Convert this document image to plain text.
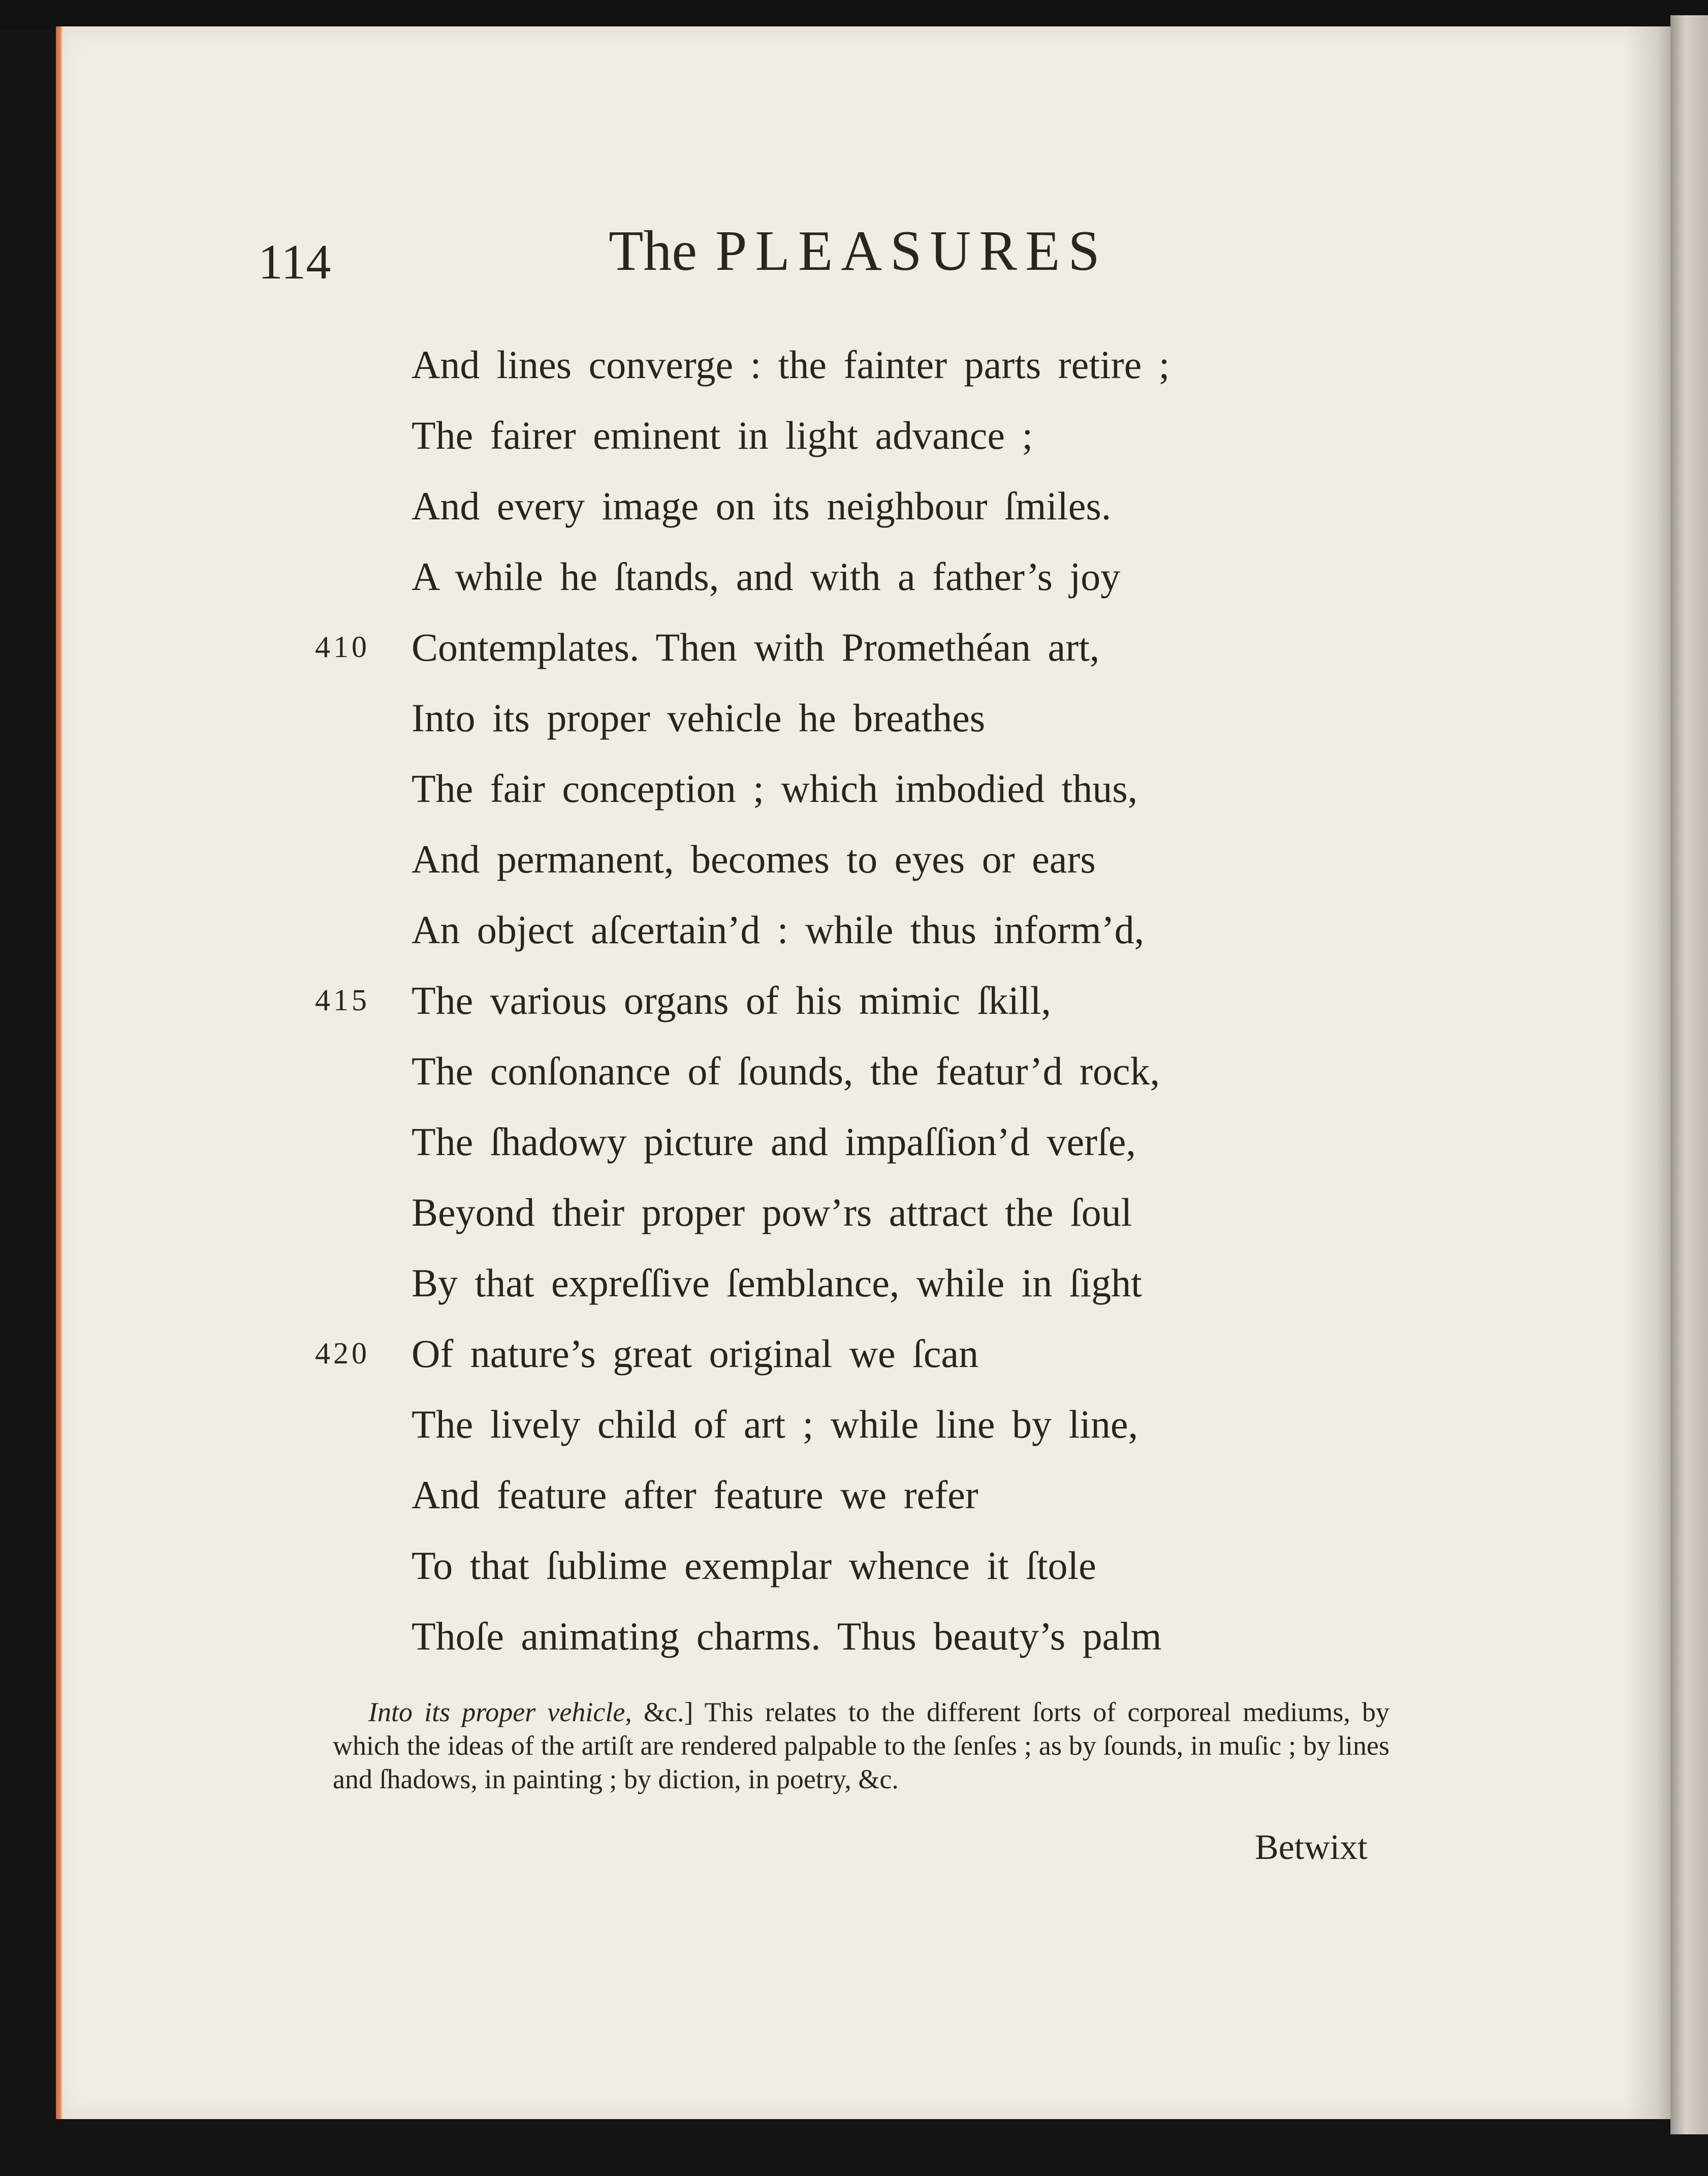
114	The PLEASURES
And lines converge : the fainter parts retire ;
The fairer eminent in light advance ;
And every image on its neighbour ſmiles.
A while he ſtands, and with a father’s joy
410 Contemplates. Then with Promethéan art,
Into its proper vehicle he breathes
The fair conception ; which imbodied thus,
And permanent, becomes to eyes or ears
An object aſcertain’d : while thus inform’d,
415 The various organs of his mimic ſkill,
The conſonance of ſounds, the featur’d rock,
The ſhadowy picture and impaſſion’d verſe,
Beyond their proper pow’rs attract the ſoul
By that expreſſive ſemblance, while in ſight
420 Of nature’s great original we ſcan
The lively child of art ; while line by line,
And feature after feature we refer
To that ſublime exemplar whence it ſtole
Thoſe animating charms. Thus beauty’s palm
Into its proper vehicle, &c.] This relates to the different ſorts of corporeal mediums, by which the ideas of the artiſt are rendered palpable to the ſenſes ; as by ſounds, in muſic ; by lines and ſhadows, in painting ; by diction, in poetry, &c.
Betwixt
